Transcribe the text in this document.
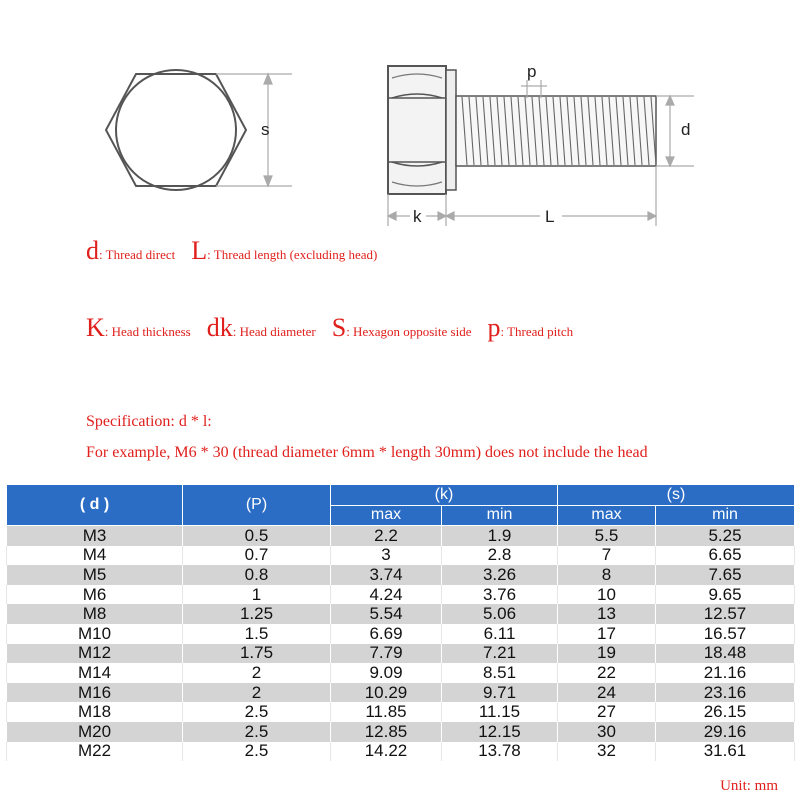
s
p
d
k	L
d: Thread direct L: Thread length (excluding head)
K: Head thickness dk: Head diameter S: Hexagon opposite side p: Thread pitch
Specification: d * l:
For example, M6 * 30 (thread diameter 6mm * length 30mm) does not include the head
( d )	(P)	(k)		(s)	
		max	min	max	min
M3	0.5	2.2	1.9	5.5	5.25
M4	0.7	3	2.8	7	6.65
M5	0.8	3.74	3.26	8	7.65
M6	1	4.24	3.76	10	9.65
M8	1.25	5.54	5.06	13	12.57
M10	1.5	6.69	6.11	17	16.57
M12	1.75	7.79	7.21	19	18.48
M14	2	9.09	8.51	22	21.16
M16	2	10.29	9.71	24	23.16
M18	2.5	11.85	11.15	27	26.15
M20	2.5	12.85	12.15	30	29.16
M22	2.5	14.22	13.78	32	31.61
Unit: mm
